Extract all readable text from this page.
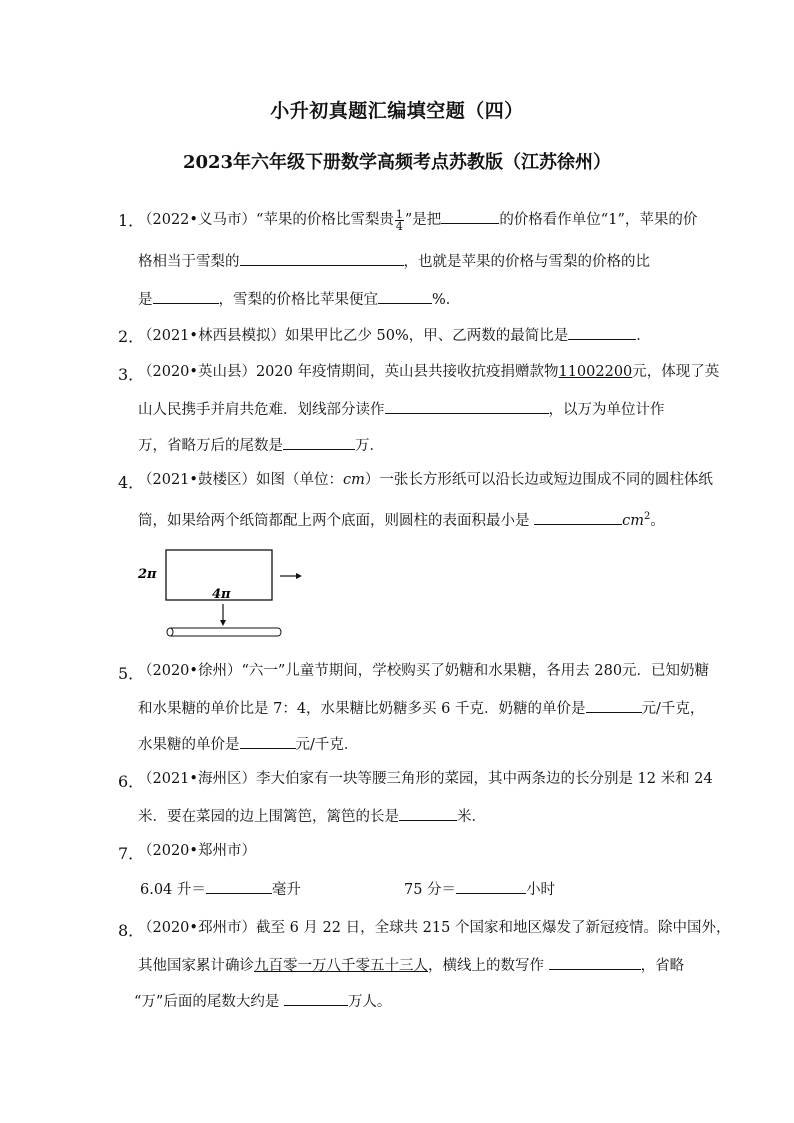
小升初真题汇编填空题（四）
2023年六年级下册数学高频考点苏教版（江苏徐州）
1．
（2022•义马市）“苹果的价格比雪梨贵 $\frac{1}{4}$ ”是把	的价格看作单位“1”，苹果的价
格相当于雪梨的	，也就是苹果的价格与雪梨的价格的比
是	，雪梨的价格比苹果便宜	%．
2．
（2021•林西县模拟）如果甲比乙少 50%，甲、乙两数的最简比是	．
3．
（2020•英山县）2020 年疫情期间，英山县共接收抗疫捐赠款物11002200元，体现了英
山人民携手并肩共危难．划线部分读作	，以万为单位计作
万，省略万后的尾数是	万．
4．
（2021•鼓楼区）如图（单位：cm）一张长方形纸可以沿长边或短边围成不同的圆柱体纸
筒，如果给两个纸筒都配上两个底面，则圆柱的表面积最小是	$cm^2$。
2π
4π
5．
（2020•徐州）“六一”儿童节期间，学校购买了奶糖和水果糖，各用去 280元．已知奶糖
和水果糖的单价比是 7：4，水果糖比奶糖多买 6 千克．奶糖的单价是	元/千克，
水果糖的单价是	元/千克．
6．
（2021•海州区）李大伯家有一块等腰三角形的菜园，其中两条边的长分别是 12 米和 24
米．要在菜园的边上围篱笆，篱笆的长是	米．
7．
（2020•郑州市）
6.04 升＝	毫升	75 分＝	小时
8．
（2020•邳州市）截至 6 月 22 日，全球共 215 个国家和地区爆发了新冠疫情。除中国外，
其他国家累计确诊九百零一万八千零五十三人，横线上的数写作	，省略
“万”后面的尾数大约是	万人。
